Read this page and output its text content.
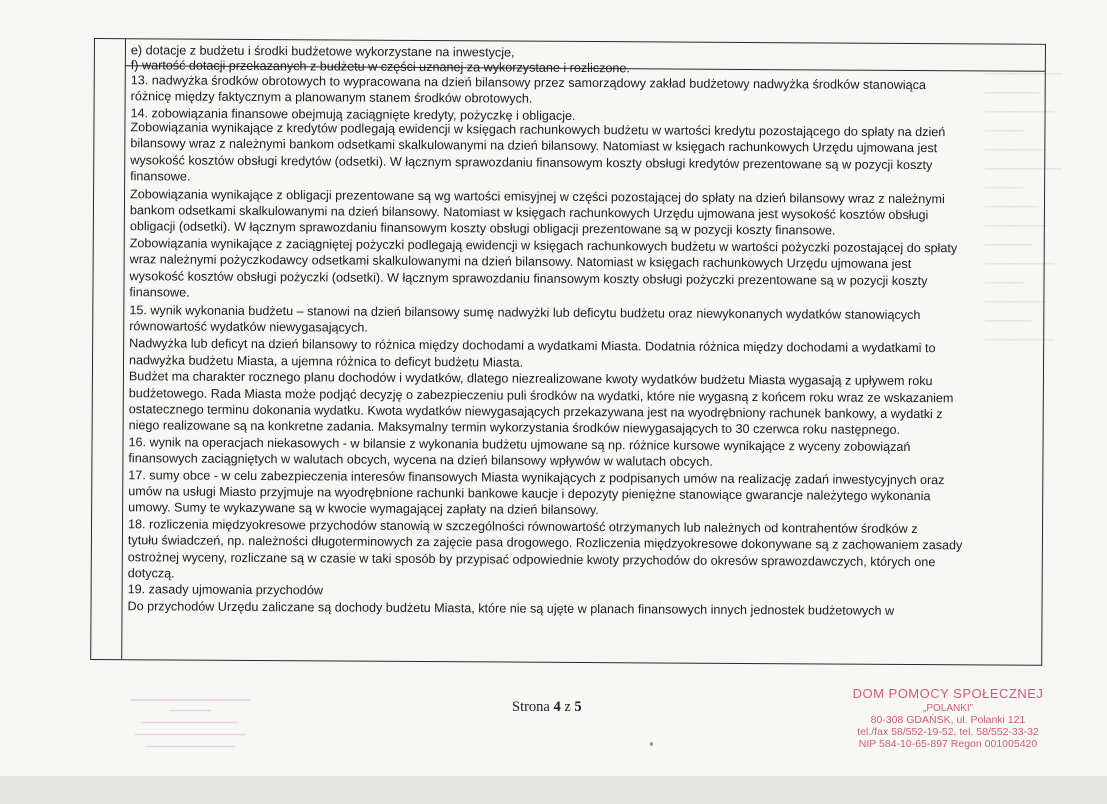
▁▁▁▁▁▁▁▁▁▁
▁▁▁▁▁▁▁
▁▁▁▁▁▁▁▁▁
▁▁▁▁▁
▁▁▁▁▁▁▁▁
▁▁▁▁▁▁▁▁▁▁
▁▁▁▁▁
▁▁▁▁▁▁▁
▁▁▁▁▁▁▁▁
▁▁▁▁▁▁
▁▁▁▁▁▁▁▁▁
▁▁▁▁▁
▁▁▁▁▁▁▁▁
▁▁▁▁▁▁
▁▁▁▁▁▁▁▁▁

e) dotacje z budżetu i środki budżetowe wykorzystane na inwestycje,

f) wartość dotacji przekazanych z budżetu w części uznanej za wykorzystane i rozliczone.

13. nadwyżka środków obrotowych to wypracowana na dzień bilansowy przez samorządowy zakład budżetowy nadwyżka środków stanowiąca

różnicę między faktycznym a planowanym stanem środków obrotowych.

14. zobowiązania finansowe obejmują zaciągnięte kredyty, pożyczkę i obligacje.

Zobowiązania wynikające z kredytów podlegają ewidencji w księgach rachunkowych budżetu w wartości kredytu pozostającego do spłaty na dzień

bilansowy wraz z należnymi bankom odsetkami skalkulowanymi na dzień bilansowy. Natomiast w księgach rachunkowych Urzędu ujmowana jest

wysokość kosztów obsługi kredytów (odsetki). W łącznym sprawozdaniu finansowym koszty obsługi kredytów prezentowane są w pozycji koszty

finansowe.

Zobowiązania wynikające z obligacji prezentowane są wg wartości emisyjnej w części pozostającej do spłaty na dzień bilansowy wraz z należnymi

bankom odsetkami skalkulowanymi na dzień bilansowy. Natomiast w księgach rachunkowych Urzędu ujmowana jest wysokość kosztów obsługi

obligacji (odsetki). W łącznym sprawozdaniu finansowym koszty obsługi obligacji prezentowane są w pozycji koszty finansowe.

Zobowiązania wynikające z zaciągniętej pożyczki podlegają ewidencji w księgach rachunkowych budżetu w wartości pożyczki pozostającej do spłaty

wraz należnymi pożyczkodawcy odsetkami skalkulowanymi na dzień bilansowy. Natomiast w księgach rachunkowych Urzędu ujmowana jest

wysokość kosztów obsługi pożyczki (odsetki). W łącznym sprawozdaniu finansowym koszty obsługi pożyczki prezentowane są w pozycji koszty

finansowe.

15. wynik wykonania budżetu – stanowi na dzień bilansowy sumę nadwyżki lub deficytu budżetu oraz niewykonanych wydatków stanowiących

równowartość wydatków niewygasających.

Nadwyżka lub deficyt na dzień bilansowy to różnica między dochodami a wydatkami Miasta. Dodatnia różnica między dochodami a wydatkami to

nadwyżka budżetu Miasta, a ujemna różnica to deficyt budżetu Miasta.

Budżet ma charakter rocznego planu dochodów i wydatków, dlatego niezrealizowane kwoty wydatków budżetu Miasta wygasają z upływem roku

budżetowego. Rada Miasta może podjąć decyzję o zabezpieczeniu puli środków na wydatki, które nie wygasną z końcem roku wraz ze wskazaniem

ostatecznego terminu dokonania wydatku. Kwota wydatków niewygasających przekazywana jest na wyodrębniony rachunek bankowy, a wydatki z

niego realizowane są na konkretne zadania. Maksymalny termin wykorzystania środków niewygasających to 30 czerwca roku następnego.

16. wynik na operacjach niekasowych - w bilansie z wykonania budżetu ujmowane są np. różnice kursowe wynikające z wyceny zobowiązań

finansowych zaciągniętych w walutach obcych, wycena na dzień bilansowy wpływów w walutach obcych.

17. sumy obce - w celu zabezpieczenia interesów finansowych Miasta wynikających z podpisanych umów na realizację zadań inwestycyjnych oraz

umów na usługi Miasto przyjmuje na wyodrębnione rachunki bankowe kaucje i depozyty pieniężne stanowiące gwarancje należytego wykonania

umowy. Sumy te wykazywane są w kwocie wymagającej zapłaty na dzień bilansowy.

18. rozliczenia międzyokresowe przychodów stanowią w szczególności równowartość otrzymanych lub należnych od kontrahentów środków z

tytułu świadczeń, np. należności długoterminowych za zajęcie pasa drogowego. Rozliczenia międzyokresowe dokonywane są z zachowaniem zasady

ostrożnej wyceny, rozliczane są w czasie w taki sposób by przypisać odpowiednie kwoty przychodów do okresów sprawozdawczych, których one

dotyczą.

19. zasady ujmowania przychodów

Do przychodów Urzędu zaliczane są dochody budżetu Miasta, które nie są ujęte w planach finansowych innych jednostek budżetowych w

▁▁▁▁▁▁▁▁▁▁▁▁▁
▁▁▁▁▁▁
▁▁▁▁▁▁▁▁▁▁▁▁▁▁
▁▁▁▁▁▁▁▁▁▁▁▁▁▁▁▁
▁▁▁▁▁▁▁▁▁▁▁▁▁
Strona 4 z 5
DOM POMOCY SPOŁECZNEJ
„POLANKI”
80-308 GDAŃSK, ul. Polanki 121
tel./fax 58/552-19-52, tel. 58/552-33-32
NIP 584-10-65-897 Regon 001005420
